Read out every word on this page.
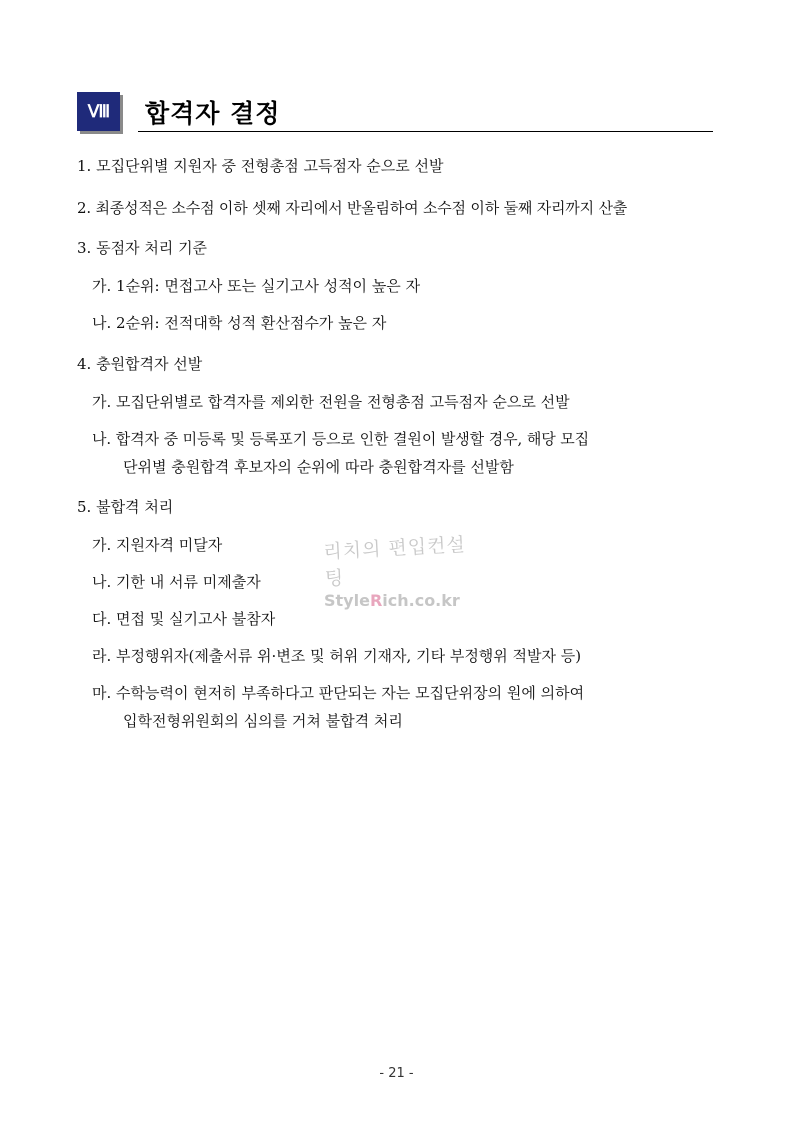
Ⅷ	합격자 결정
1. 모집단위별 지원자 중 전형총점 고득점자 순으로 선발
2. 최종성적은 소수점 이하 셋째 자리에서 반올림하여 소수점 이하 둘째 자리까지 산출
3. 동점자 처리 기준
가. 1순위: 면접고사 또는 실기고사 성적이 높은 자
나. 2순위: 전적대학 성적 환산점수가 높은 자
4. 충원합격자 선발
가. 모집단위별로 합격자를 제외한 전원을 전형총점 고득점자 순으로 선발
나. 합격자 중 미등록 및 등록포기 등으로 인한 결원이 발생할 경우, 해당 모집
단위별 충원합격 후보자의 순위에 따라 충원합격자를 선발함
5. 불합격 처리
가. 지원자격 미달자
나. 기한 내 서류 미제출자
다. 면접 및 실기고사 불참자
라. 부정행위자(제출서류 위·변조 및 허위 기재자, 기타 부정행위 적발자 등)
마. 수학능력이 현저히 부족하다고 판단되는 자는 모집단위장의 원에 의하여
입학전형위원회의 심의를 거쳐 불합격 처리
리치의 편입컨설팅
StyleRich.co.kr
- 21 -
